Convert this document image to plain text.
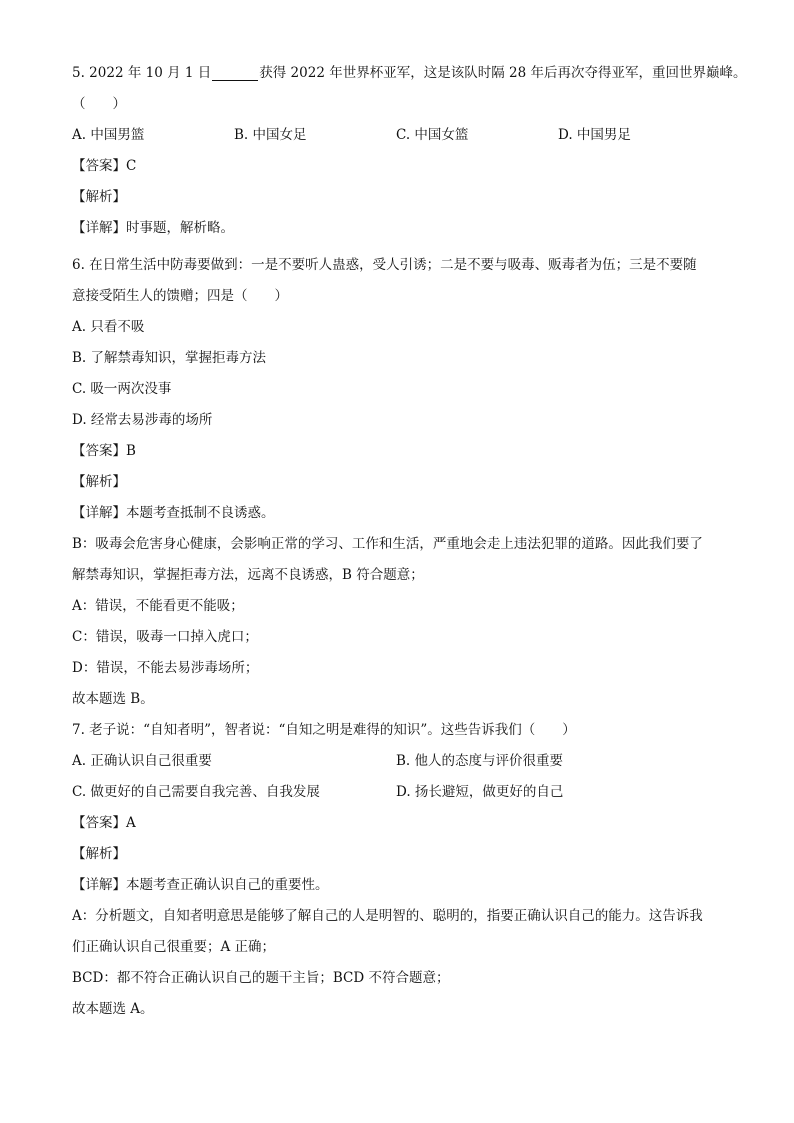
5. 2022 年 10 月 1 日	获得 2022 年世界杯亚军，这是该队时隔 28 年后再次夺得亚军，重回世界巅峰。
（　　）
A. 中国男篮	B. 中国女足	C. 中国女篮	D. 中国男足
【答案】C
【解析】
【详解】时事题，解析略。
6. 在日常生活中防毒要做到：一是不要听人蛊惑，受人引诱；二是不要与吸毒、贩毒者为伍；三是不要随
意接受陌生人的馈赠；四是（　　）
A. 只看不吸
B. 了解禁毒知识，掌握拒毒方法
C. 吸一两次没事
D. 经常去易涉毒的场所
【答案】B
【解析】
【详解】本题考查抵制不良诱惑。
B：吸毒会危害身心健康，会影响正常的学习、工作和生活，严重地会走上违法犯罪的道路。因此我们要了
解禁毒知识，掌握拒毒方法，远离不良诱惑，B 符合题意；
A：错误，不能看更不能吸；
C：错误，吸毒一口掉入虎口；
D：错误，不能去易涉毒场所；
故本题选 B。
7. 老子说：“自知者明”，智者说：“自知之明是难得的知识”。这些告诉我们（　　）
A. 正确认识自己很重要	B. 他人的态度与评价很重要
C. 做更好的自己需要自我完善、自我发展	D. 扬长避短，做更好的自己
【答案】A
【解析】
【详解】本题考查正确认识自己的重要性。
A：分析题文，自知者明意思是能够了解自己的人是明智的、聪明的，指要正确认识自己的能力。这告诉我
们正确认识自己很重要；A 正确；
BCD：都不符合正确认识自己的题干主旨；BCD 不符合题意；
故本题选 A。
